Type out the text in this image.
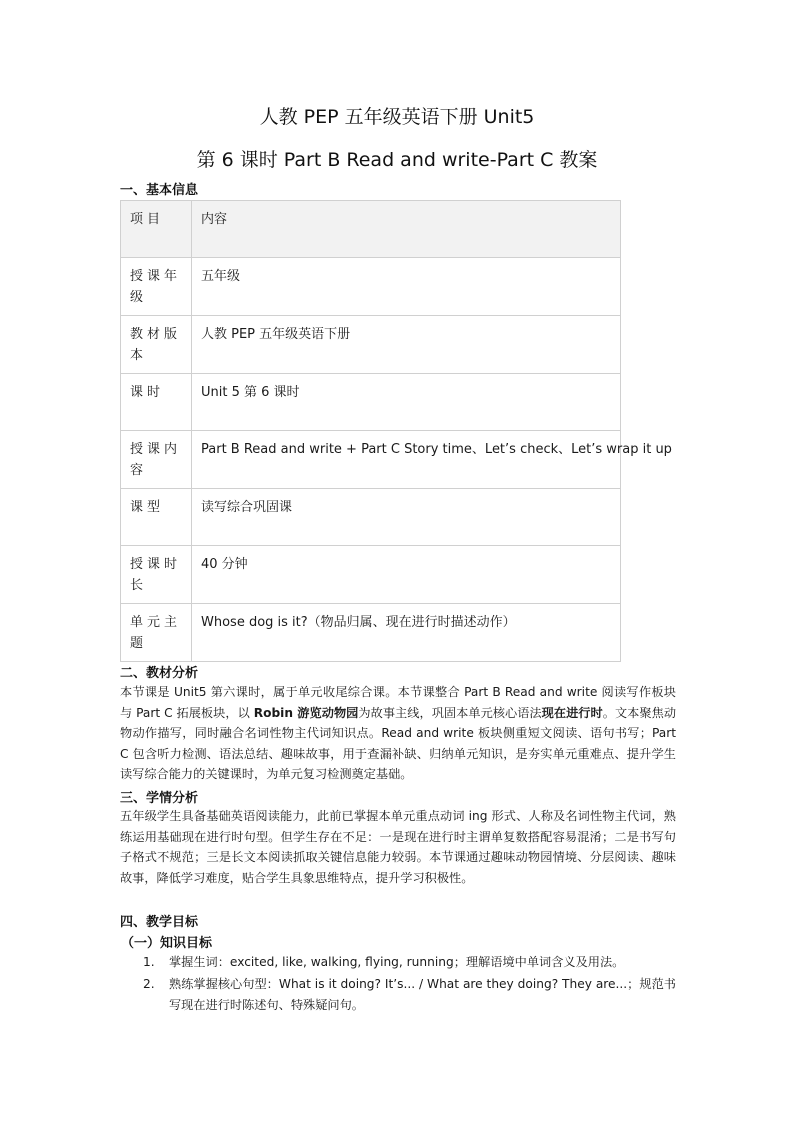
人教 PEP 五年级英语下册 Unit5
第 6 课时 Part B Read and write-Part C 教案
一、基本信息
项目	内容
授课年级	五年级
教材版本	人教 PEP 五年级英语下册
课时	Unit 5 第 6 课时
授课内容	Part B Read and write + Part C Story time、Let’s check、Let’s wrap it up
课型	读写综合巩固课
授课时长	40 分钟
单元主题	Whose dog is it?（物品归属、现在进行时描述动作）
二、教材分析
本节课是 Unit5 第六课时，属于单元收尾综合课。本节课整合 Part B Read and write 阅读写作板块与 Part C 拓展板块，以 Robin 游览动物园为故事主线，巩固本单元核心语法现在进行时。文本聚焦动物动作描写，同时融合名词性物主代词知识点。Read and write 板块侧重短文阅读、语句书写；Part C 包含听力检测、语法总结、趣味故事，用于查漏补缺、归纳单元知识，是夯实单元重难点、提升学生读写综合能力的关键课时，为单元复习检测奠定基础。
三、学情分析
五年级学生具备基础英语阅读能力，此前已掌握本单元重点动词 ing 形式、人称及名词性物主代词，熟练运用基础现在进行时句型。但学生存在不足：一是现在进行时主谓单复数搭配容易混淆；二是书写句子格式不规范；三是长文本阅读抓取关键信息能力较弱。本节课通过趣味动物园情境、分层阅读、趣味故事，降低学习难度，贴合学生具象思维特点，提升学习积极性。
四、教学目标
（一）知识目标
1. 掌握生词：excited, like, walking, flying, running；理解语境中单词含义及用法。
2. 熟练掌握核心句型：What is it doing? It’s... / What are they doing? They are...；规范书写现在进行时陈述句、特殊疑问句。
